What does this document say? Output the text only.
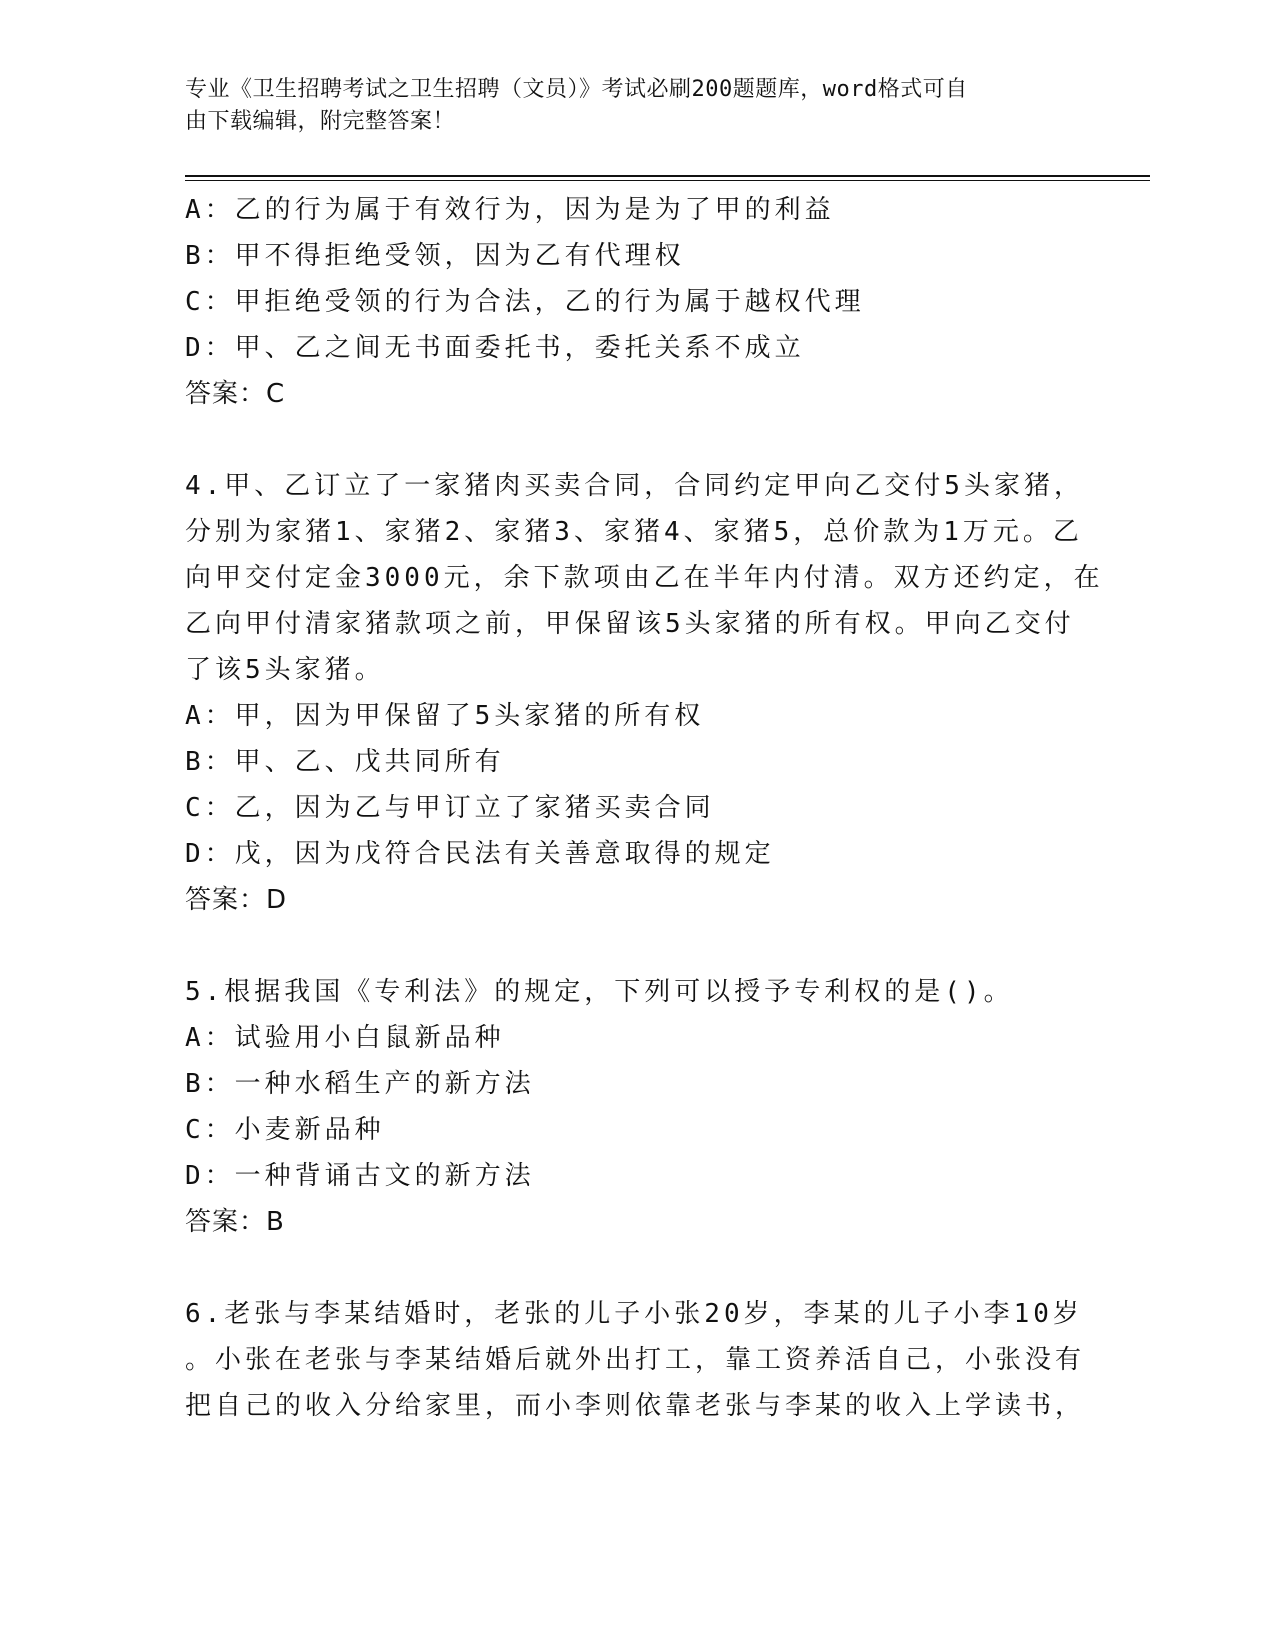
专业《卫生招聘考试之卫生招聘（文员）》考试必刷200题题库，word格式可自
由下载编辑，附完整答案！
A：乙的行为属于有效行为，因为是为了甲的利益
B：甲不得拒绝受领，因为乙有代理权
C：甲拒绝受领的行为合法，乙的行为属于越权代理
D：甲、乙之间无书面委托书，委托关系不成立
答案：C
4.甲、乙订立了一家猪肉买卖合同，合同约定甲向乙交付5头家猪，
分别为家猪1、家猪2、家猪3、家猪4、家猪5，总价款为1万元。乙
向甲交付定金3000元，余下款项由乙在半年内付清。双方还约定，在
乙向甲付清家猪款项之前，甲保留该5头家猪的所有权。甲向乙交付
了该5头家猪。
A：甲，因为甲保留了5头家猪的所有权
B：甲、乙、戊共同所有
C：乙，因为乙与甲订立了家猪买卖合同
D：戊，因为戊符合民法有关善意取得的规定
答案：D
5.根据我国《专利法》的规定，下列可以授予专利权的是()。
A：试验用小白鼠新品种
B：一种水稻生产的新方法
C：小麦新品种
D：一种背诵古文的新方法
答案：B
6.老张与李某结婚时，老张的儿子小张20岁，李某的儿子小李10岁
。小张在老张与李某结婚后就外出打工，靠工资养活自己，小张没有
把自己的收入分给家里，而小李则依靠老张与李某的收入上学读书，
